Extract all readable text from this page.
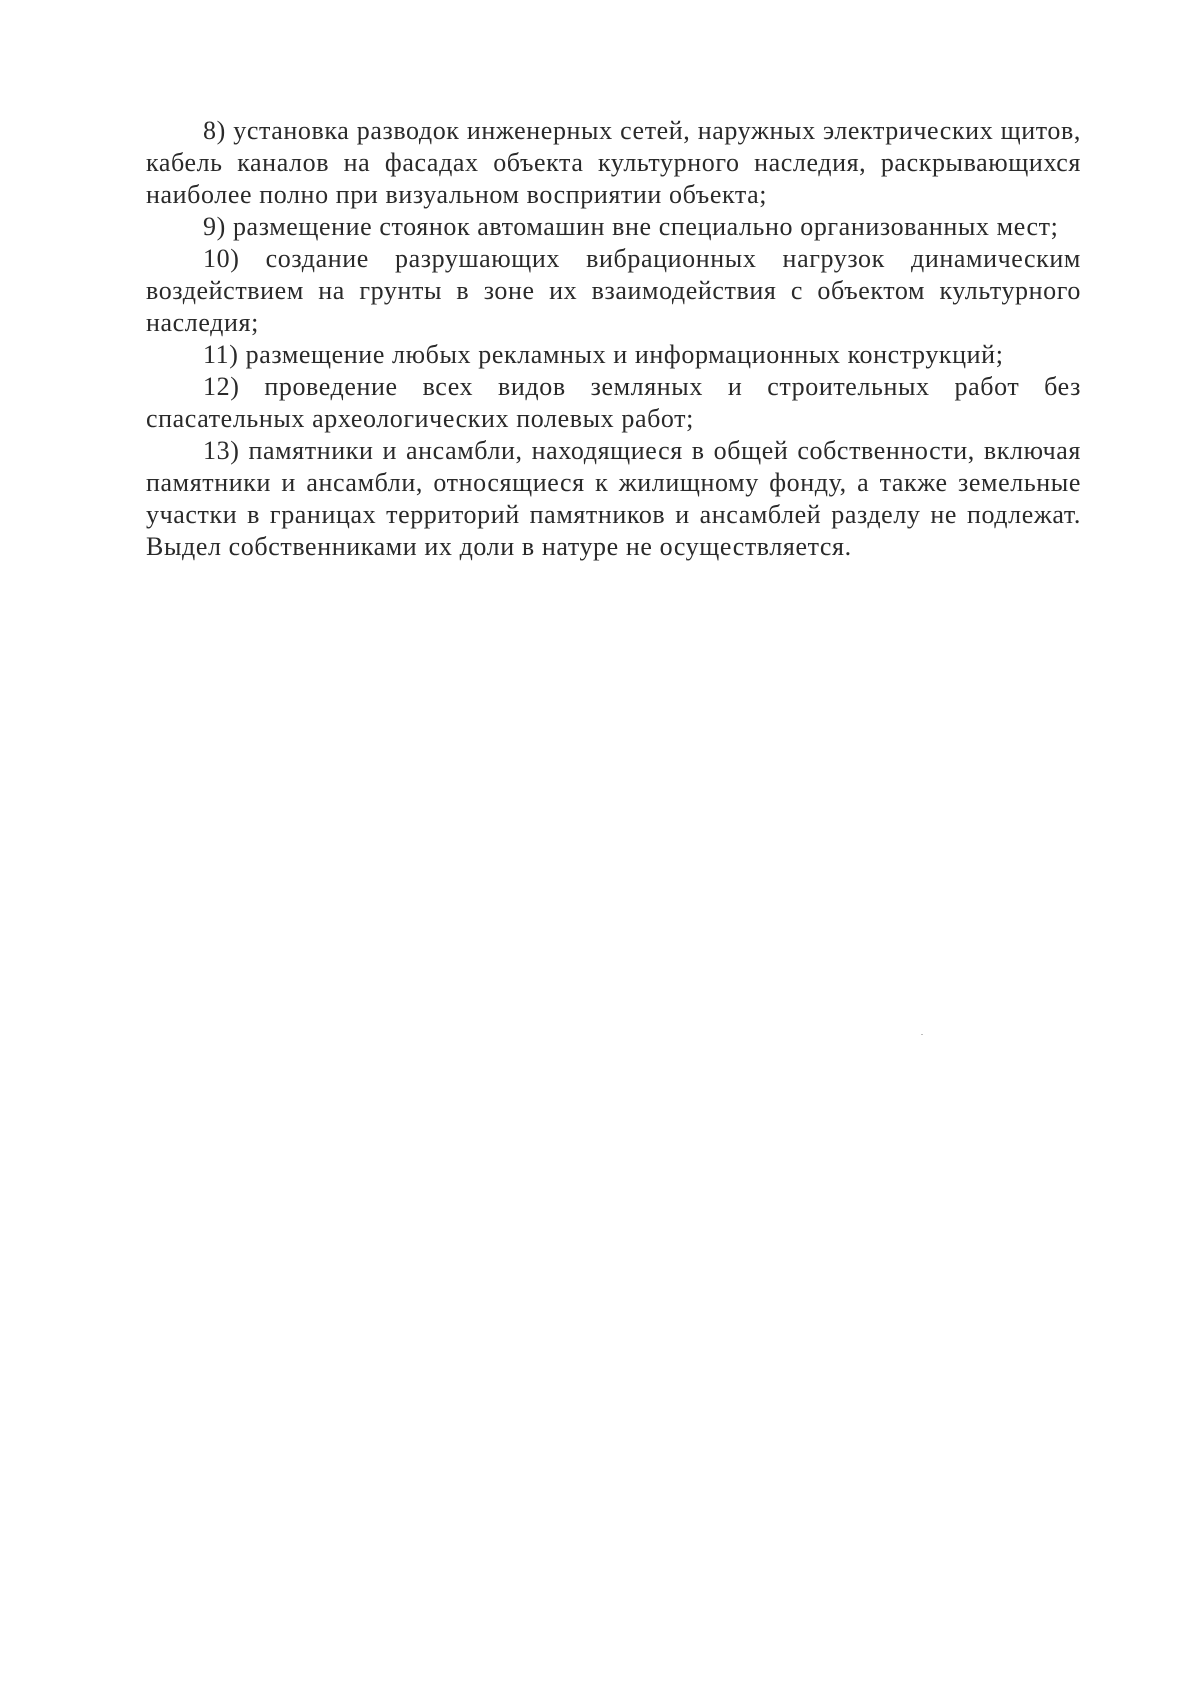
8) установка разводок инженерных сетей, наружных электрических щитов, кабель каналов на фасадах объекта культурного наследия, раскрывающихся наиболее полно при визуальном восприятии объекта;

9) размещение стоянок автомашин вне специально организованных мест;

10) создание разрушающих вибрационных нагрузок динамическим воздействием на грунты в зоне их взаимодействия с объектом культурного наследия;

11) размещение любых рекламных и информационных конструкций;

12) проведение всех видов земляных и строительных работ без спасательных археологических полевых работ;

13) памятники и ансамбли, находящиеся в общей собственности, включая памятники и ансамбли, относящиеся к жилищному фонду, а также земельные участки в границах территорий памятников и ансамблей разделу не подлежат. Выдел собственниками их доли в натуре не осуществляется.
